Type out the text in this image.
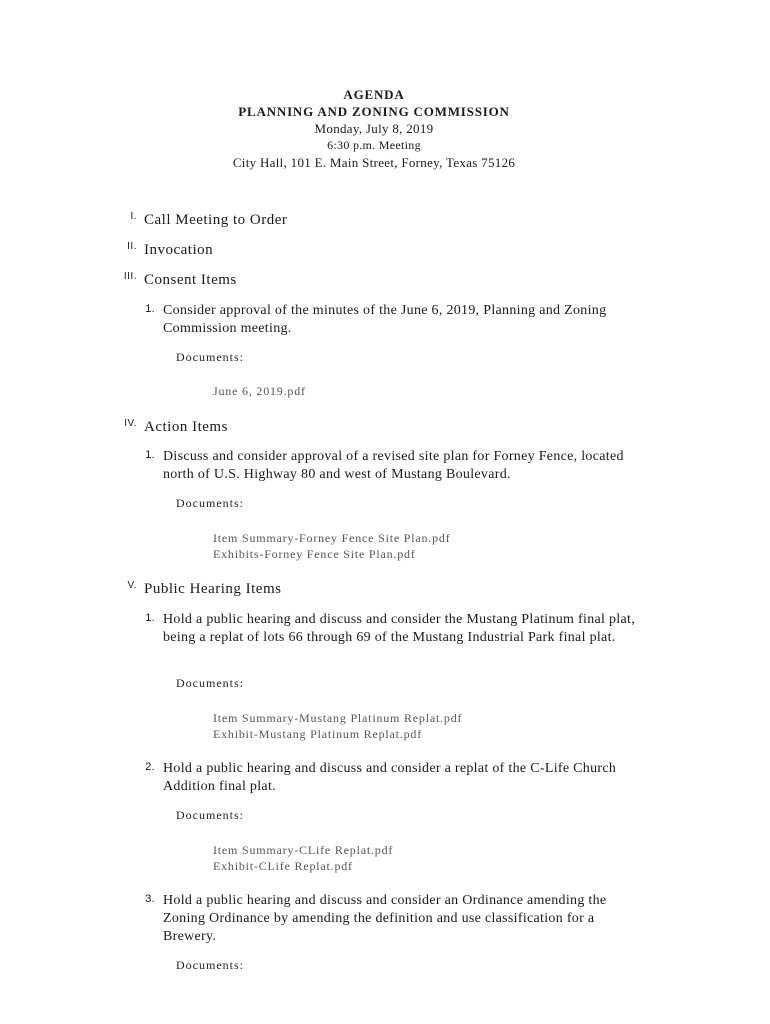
AGENDA
PLANNING AND ZONING COMMISSION
Monday, July 8, 2019
6:30 p.m. Meeting
City Hall, 101 E. Main Street, Forney, Texas 75126
I. Call Meeting to Order
II. Invocation
III. Consent Items
1. Consider approval of the minutes of the June 6, 2019, Planning and Zoning Commission meeting.
Documents:
June 6, 2019.pdf
IV. Action Items
1. Discuss and consider approval of a revised site plan for Forney Fence, located north of U.S. Highway 80 and west of Mustang Boulevard.
Documents:
Item Summary-Forney Fence Site Plan.pdf
Exhibits-Forney Fence Site Plan.pdf
V. Public Hearing Items
1. Hold a public hearing and discuss and consider the Mustang Platinum final plat, being a replat of lots 66 through 69 of the Mustang Industrial Park final plat.
Documents:
Item Summary-Mustang Platinum Replat.pdf
Exhibit-Mustang Platinum Replat.pdf
2. Hold a public hearing and discuss and consider a replat of the C-Life Church Addition final plat.
Documents:
Item Summary-CLife Replat.pdf
Exhibit-CLife Replat.pdf
3. Hold a public hearing and discuss and consider an Ordinance amending the Zoning Ordinance by amending the definition and use classification for a Brewery.
Documents:
